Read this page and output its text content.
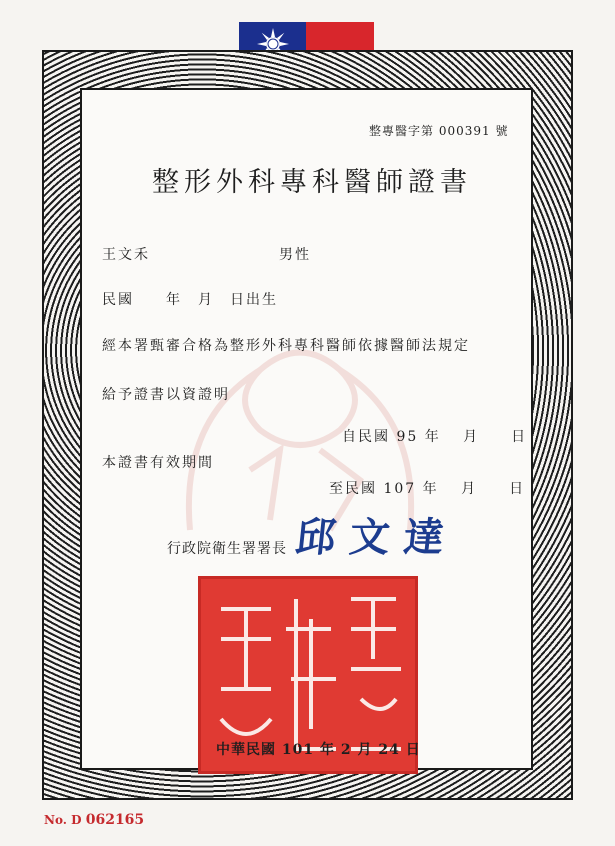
整專醫字第 000391 號
整形外科專科醫師證書
王文禾	男性
民國　　年　月　日出生
經本署甄審合格為整形外科專科醫師依據醫師法規定
給予證書以資證明
自民國 95 年　 月　　日
本證書有效期間
至民國 107 年　 月　　日
行政院衛生署署長 邱文達
中華民國 101 年 2 月 24 日
No. D 062165
